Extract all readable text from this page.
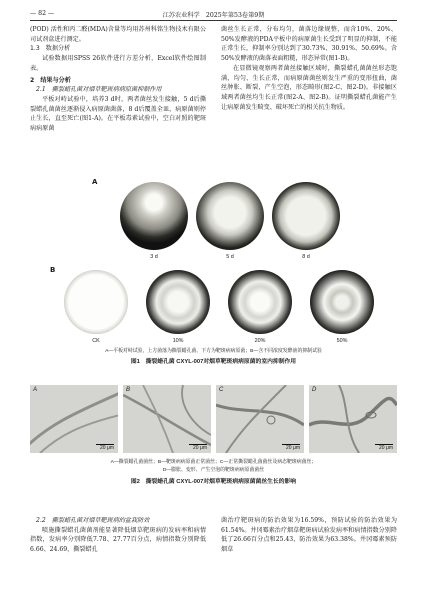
— 82 —	江苏农业科学　2025年第53卷第9期

(POD) 活性和丙二醛(MDA)含量等均用苏州科铭生物技术有限公司试剂盒进行测定。

1.3　数据分析

试验数据用SPSS 26软件进行方差分析，Excel软件绘图制表。

2　结果与分析

2.1　撕裂蜡孔菌对烟草靶斑病病原菌抑制作用

平板对峙试验中，培养3 d时，两者菌丝发生接触，5 d后撕裂蜡孔菌菌丝逐渐侵入病原菌菌落，8 d后覆盖全皿，病原菌则停止生长，直至死亡(图1-A)。在平板毒素试验中，空白对照的靶斑病病原菌

菌丝生长正常，分布均匀，菌落边缘规整，而含10%、20%、50%发酵液的PDA平板中的病原菌生长受到了明显的抑制，不能正常生长，抑制率分别达到了30.73%、30.91%、50.69%。含50%发酵液的菌落表面粗糙，形态异常(图1-B)。

在显微镜观察两者菌丝接触区域时，撕裂蜡孔菌菌丝形态饱满，均匀、生长正常，而病原菌菌丝则发生严重的变形扭曲，菌丝肿胀、断裂，产生空泡，形态畸形(图2-C、图2-D)。非接触区域两者菌丝均生长正常(图2-A、图2-B)。证明撕裂蜡孔菌能产生让病原菌发生畸变、破坏死亡的相关抗生物质。

A
3 d	5 d	8 d
B
CK	10%	20%	50%
A—平板对峙试验，上方菌落为撕裂蜡孔菌、下方为靶斑病病原菌；B—含不同浓度发酵液的抑制试验
图1　撕裂蜡孔菌 CXYL-007对烟草靶斑病病原菌的室内抑制作用
A
20 μm
B
20 μm
C
20 μm
D
20 μm
A—撕裂蜡孔菌菌丝；B—靶斑病病原菌正常菌丝；C—正常撕裂蜡孔菌菌丝及病态靶斑病菌丝；
D—膨胀、变形、产生空泡的靶斑病病原菌菌丝
图2　撕裂蜡孔菌 CXYL-007对烟草靶斑病病原菌菌丝生长的影响

2.2　撕裂蜡孔菌对烟草靶斑病的盆栽防效

喷施撕裂蜡孔菌菌剂能显著降低烟草靶斑病的发病率和病情指数，发病率分别降低7.78、27.77百分点，病情指数分别降低6.66、24.69，撕裂蜡孔

菌治疗靶斑病的防治效果为16.59%，预防试验的防治效果为61.54%。井冈霉素治疗烟草靶斑病试验发病率和病情指数分别降低了26.66百分点和25.43，防治效果为63.38%。井冈霉素预防烟草
